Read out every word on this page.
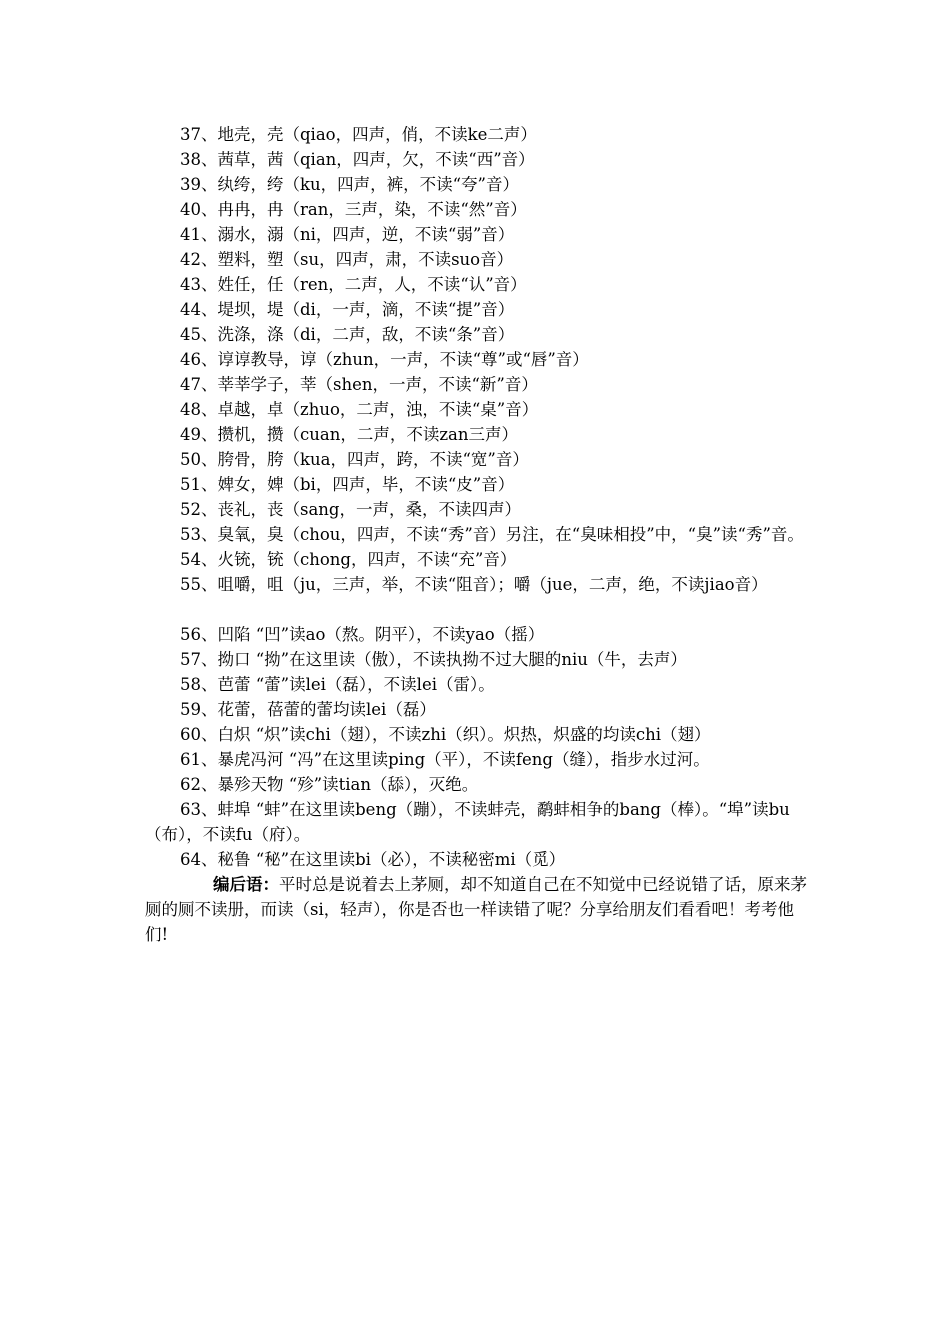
37、地壳，壳（qiao，四声，俏，不读ke二声）

38、茜草，茜（qian，四声，欠，不读“西”音）

39、纨绔，绔（ku，四声，裤，不读“夸”音）

40、冉冉，冉（ran，三声，染，不读“然”音）

41、溺水，溺（ni，四声，逆，不读“弱”音）

42、塑料，塑（su，四声，肃，不读suo音）

43、姓任，任（ren，二声，人，不读“认”音）

44、堤坝，堤（di，一声，滴，不读“提”音）

45、洗涤，涤（di，二声，敌，不读“条”音）

46、谆谆教导，谆（zhun，一声，不读“尊”或“唇”音）

47、莘莘学子，莘（shen，一声，不读“新”音）

48、卓越，卓（zhuo，二声，浊，不读“桌”音）

49、攒机，攒（cuan，二声，不读zan三声）

50、胯骨，胯（kua，四声，跨，不读“宽”音）

51、婢女，婢（bi，四声，毕，不读“皮”音）

52、丧礼，丧（sang，一声，桑，不读四声）

53、臭氧，臭（chou，四声，不读“秀”音）另注，在“臭味相投”中，“臭”读“秀”音。

54、火铳，铳（chong，四声，不读“充”音）

55、咀嚼，咀（ju，三声，举，不读“阻音）；嚼（jue，二声，绝，不读jiao音）

56、凹陷 “凹”读ao（熬。阴平），不读yao（摇）

57、拗口 “拗”在这里读（傲），不读执拗不过大腿的niu（牛，去声）

58、芭蕾 “蕾”读lei（磊），不读lei（雷）。

59、花蕾，蓓蕾的蕾均读lei（磊）

60、白炽 “炽”读chi（翅），不读zhi（织）。炽热，炽盛的均读chi（翅）

61、暴虎冯河 “冯”在这里读ping（平），不读feng（缝），指步水过河。

62、暴殄天物 “殄”读tian（舔），灭绝。

63、蚌埠 “蚌”在这里读beng（蹦），不读蚌壳，鹬蚌相争的bang（棒）。“埠”读bu（布），不读fu（府）。

64、秘鲁 “秘”在这里读bi（必），不读秘密mi（觅）

编后语：平时总是说着去上茅厕，却不知道自己在不知觉中已经说错了话，原来茅厕的厕不读册，而读（si，轻声），你是否也一样读错了呢？分享给朋友们看看吧！考考他们!
